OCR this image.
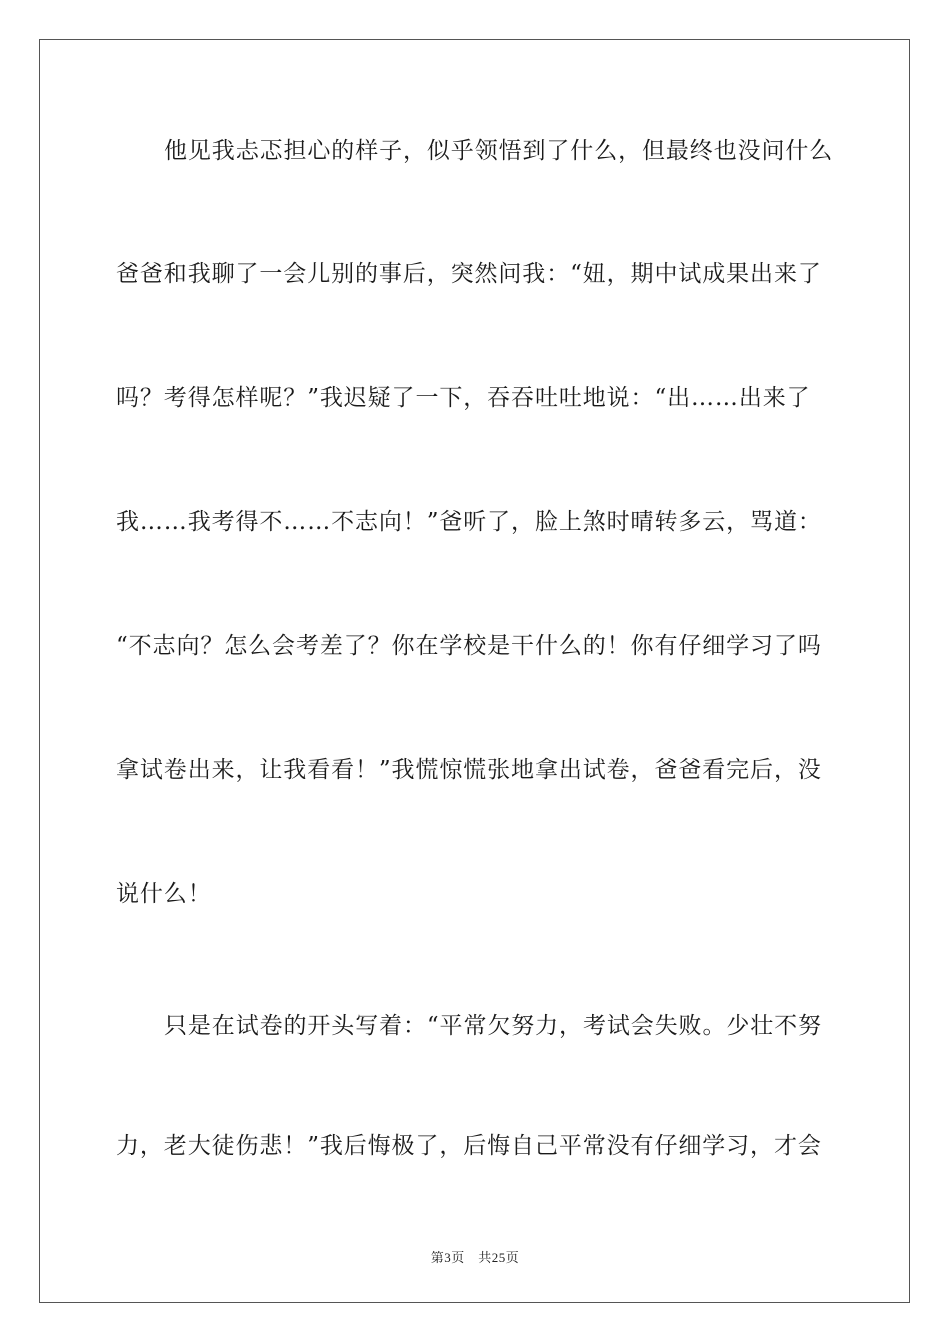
他见我忐忑担心的样子，似乎领悟到了什么，但最终也没问什么
爸爸和我聊了一会儿别的事后，突然问我：“妞，期中试成果出来了
吗？考得怎样呢？”我迟疑了一下，吞吞吐吐地说：“出……出来了
我……我考得不……不志向！”爸听了，脸上煞时晴转多云，骂道：
“不志向？怎么会考差了？你在学校是干什么的！你有仔细学习了吗
拿试卷出来，让我看看！”我慌惊慌张地拿出试卷，爸爸看完后，没
说什么！
只是在试卷的开头写着：“平常欠努力，考试会失败。少壮不努
力，老大徒伤悲！”我后悔极了，后悔自己平常没有仔细学习，才会
第3页　共25页
